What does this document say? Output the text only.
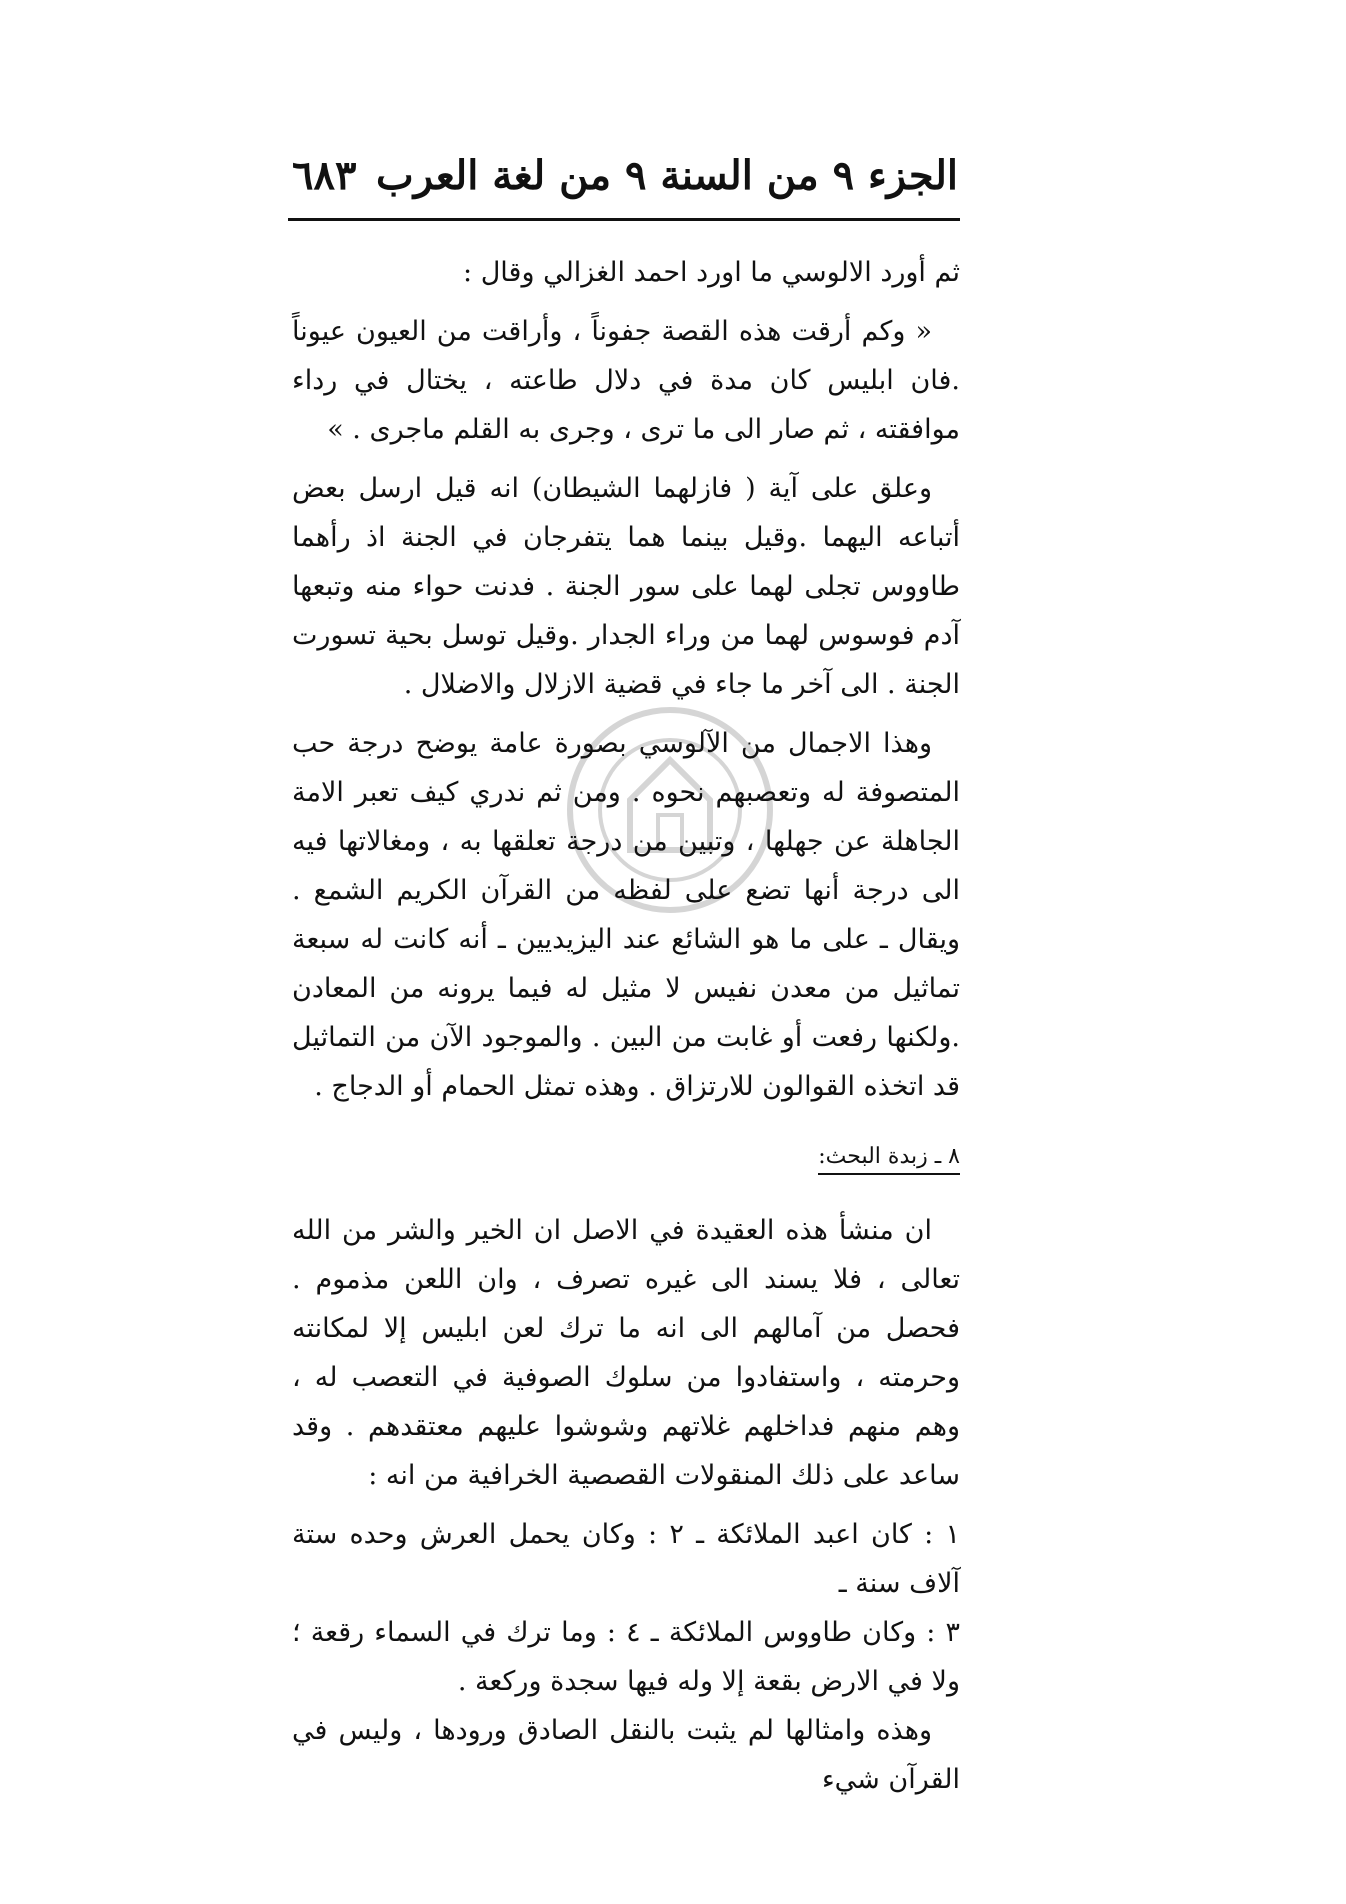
الجزء ٩ من السنة ٩ من لغة العرب
٦٨٣

ثم أورد الالوسي ما اورد احمد الغزالي وقال :

« وكم أرقت هذه القصة جفوناً ، وأراقت من العيون عيوناً .فان ابليس كان مدة في دلال طاعته ، يختال في رداء موافقته ، ثم صار الى ما ترى ، وجرى به القلم ماجرى . »

وعلق على آية ( فازلهما الشيطان) انه قيل ارسل بعض أتباعه اليهما .وقيل بينما هما يتفرجان في الجنة اذ رأهما طاووس تجلى لهما على سور الجنة . فدنت حواء منه وتبعها آدم فوسوس لهما من وراء الجدار .وقيل توسل بحية تسورت الجنة . الى آخر ما جاء في قضية الازلال والاضلال .

وهذا الاجمال من الآلوسي بصورة عامة يوضح درجة حب المتصوفة له وتعصبهم نحوه . ومن ثم ندري كيف تعبر الامة الجاهلة عن جهلها ، وتبين من درجة تعلقها به ، ومغالاتها فيه الى درجة أنها تضع على لفظه من القرآن الكريم الشمع . ويقال ـ على ما هو الشائع عند اليزيديين ـ أنه كانت له سبعة تماثيل من معدن نفيس لا مثيل له فيما يرونه من المعادن .ولكنها رفعت أو غابت من البين . والموجود الآن من التماثيل قد اتخذه القوالون للارتزاق . وهذه تمثل الحمام أو الدجاج .

٨ ـ زبدة البحث:

ان منشأ هذه العقيدة في الاصل ان الخير والشر من الله تعالى ، فلا يسند الى غيره تصرف ، وان اللعن مذموم . فحصل من آمالهم الى انه ما ترك لعن ابليس إلا لمكانته وحرمته ، واستفادوا من سلوك الصوفية في التعصب له ، وهم منهم فداخلهم غلاتهم وشوشوا عليهم معتقدهم . وقد ساعد على ذلك المنقولات القصصية الخرافية من انه :

١ : كان اعبد الملائكة ـ ٢ : وكان يحمل العرش وحده ستة آلاف سنة ـ

٣ : وكان طاووس الملائكة ـ ٤ : وما ترك في السماء رقعة ؛ ولا في الارض بقعة إلا وله فيها سجدة وركعة .

وهذه وامثالها لم يثبت بالنقل الصادق ورودها ، وليس في القرآن شيء
